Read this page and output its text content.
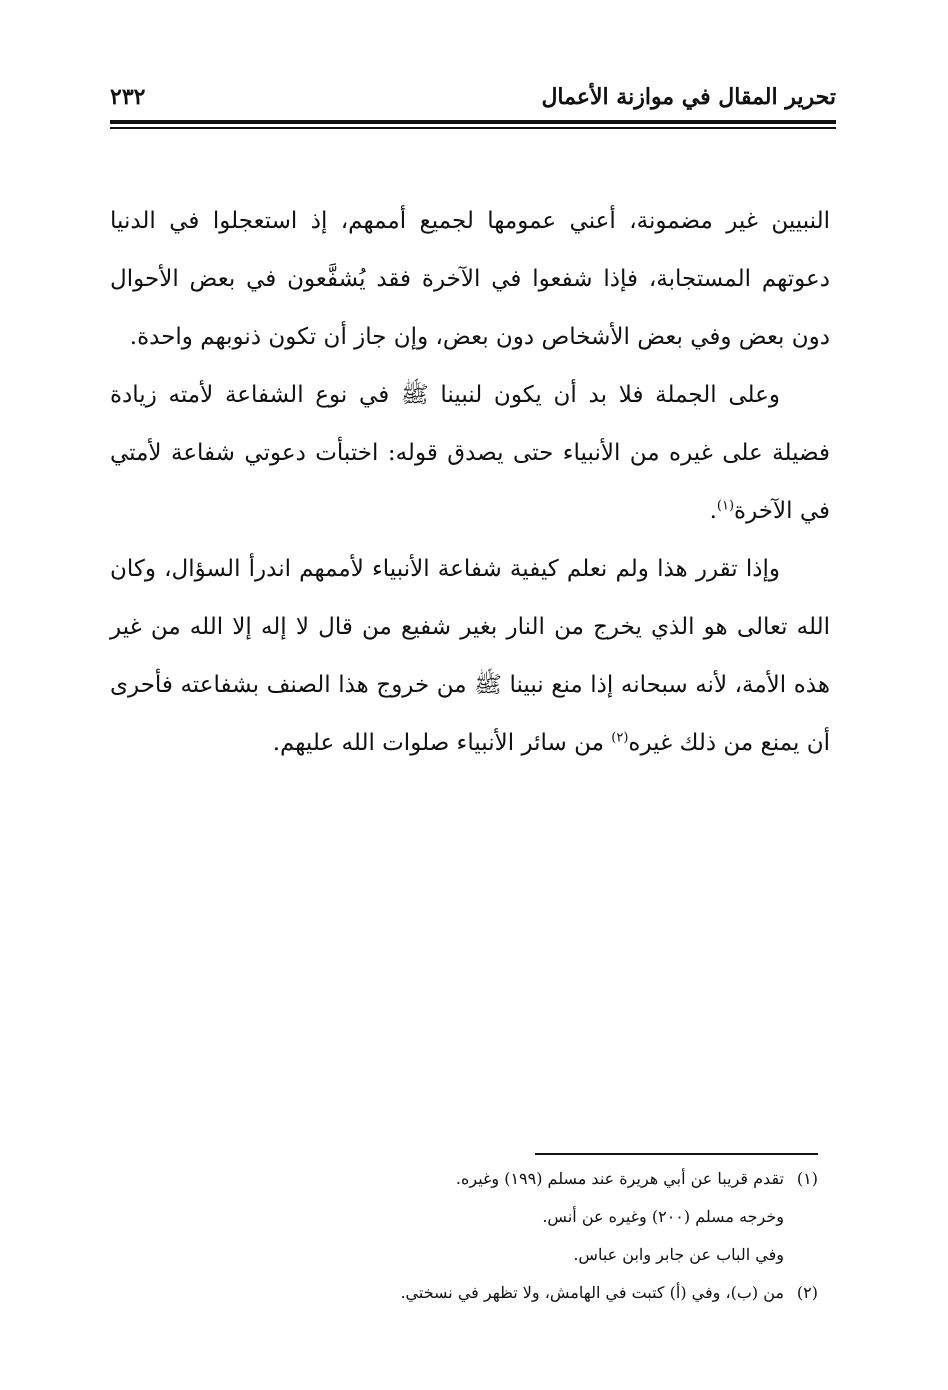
تحرير المقال في موازنة الأعمال
٢٣٢

النبيين غير مضمونة، أعني عمومها لجميع أممهم، إذ استعجلوا في الدنيا دعوتهم المستجابة، فإذا شفعوا في الآخرة فقد يُشفَّعون في بعض الأحوال دون بعض وفي بعض الأشخاص دون بعض، وإن جاز أن تكون ذنوبهم واحدة.

وعلى الجملة فلا بد أن يكون لنبينا ﷺ في نوع الشفاعة لأمته زيادة فضيلة على غيره من الأنبياء حتى يصدق قوله: اختبأت دعوتي شفاعة لأمتي في الآخرة$^{(١)}$.

وإذا تقرر هذا ولم نعلم كيفية شفاعة الأنبياء لأممهم اندرأ السؤال، وكان الله تعالى هو الذي يخرج من النار بغير شفيع من قال لا إله إلا الله من غير هذه الأمة، لأنه سبحانه إذا منع نبينا ﷺ من خروج هذا الصنف بشفاعته فأحرى أن يمنع من ذلك غيره$^{(٢)}$ من سائر الأنبياء صلوات الله عليهم.

(١)تقدم قريبا عن أبي هريرة عند مسلم (١٩٩) وغيره.

وخرجه مسلم (٢٠٠) وغيره عن أنس.

وفي الباب عن جابر وابن عباس.

(٢)من (ب)، وفي (أ) كتبت في الهامش، ولا تظهر في نسختي.
